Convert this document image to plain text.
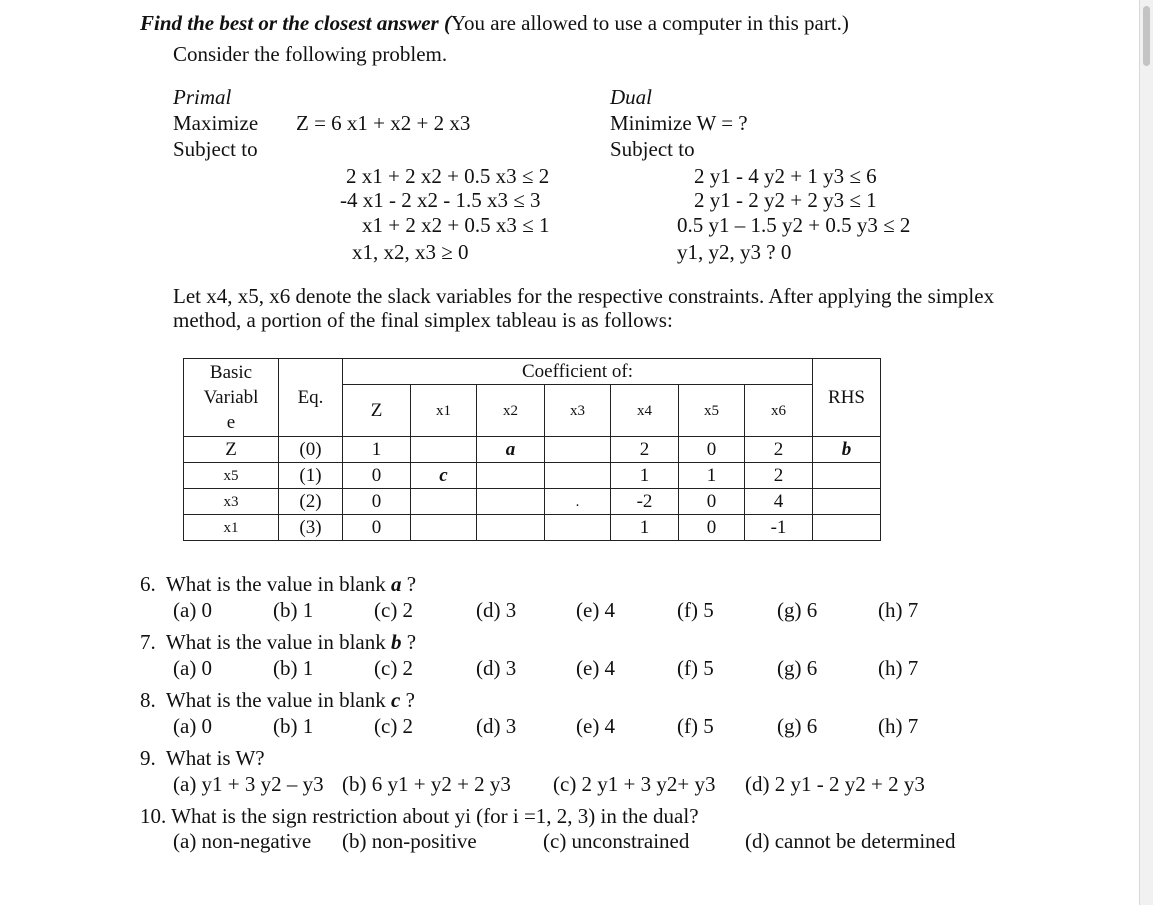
Find the best or the closest answer (You are allowed to use a computer in this part.)
Consider the following problem.
Primal
Maximize Z = 6 x1 + x2 + 2 x3
Subject to
2 x1 + 2 x2 + 0.5 x3 ≤ 2
-4 x1 - 2 x2 - 1.5 x3 ≤ 3
x1 + 2 x2 + 0.5 x3 ≤ 1
x1, x2, x3 ≥ 0
Dual
Minimize W = ?
Subject to
2 y1 - 4 y2 + 1 y3 ≤ 6
2 y1 - 2 y2 + 2 y3 ≤ 1
0.5 y1 – 1.5 y2 + 0.5 y3 ≤ 2
y1, y2, y3 ? 0
Let x4, x5, x6 denote the slack variables for the respective constraints. After applying the simplex
method, a portion of the final simplex tableau is as follows:
Basic
Variabl
e	Eq.	Coefficient of:							RHS
		Z	x1	x2	x3	x4	x5	x6	

Z	(0)	1		a		2	0	2	b
x5	(1)	0	c			1	1	2	
x3	(2)	0			.	-2	0	4	
x1	(3)	0				1	0	-1	
6. What is the value in blank a ?
(a) 0	(b) 1	(c) 2	(d) 3	(e) 4	(f) 5	(g) 6	(h) 7
7. What is the value in blank b ?
(a) 0	(b) 1	(c) 2	(d) 3	(e) 4	(f) 5	(g) 6	(h) 7
8. What is the value in blank c ?
(a) 0	(b) 1	(c) 2	(d) 3	(e) 4	(f) 5	(g) 6	(h) 7
9. What is W?
(a) y1 + 3 y2 – y3 (b) 6 y1 + y2 + 2 y3 (c) 2 y1 + 3 y2+ y3 (d) 2 y1 - 2 y2 + 2 y3
10. What is the sign restriction about yi (for i =1, 2, 3) in the dual?
(a) non-negative (b) non-positive	(c) unconstrained	(d) cannot be determined
